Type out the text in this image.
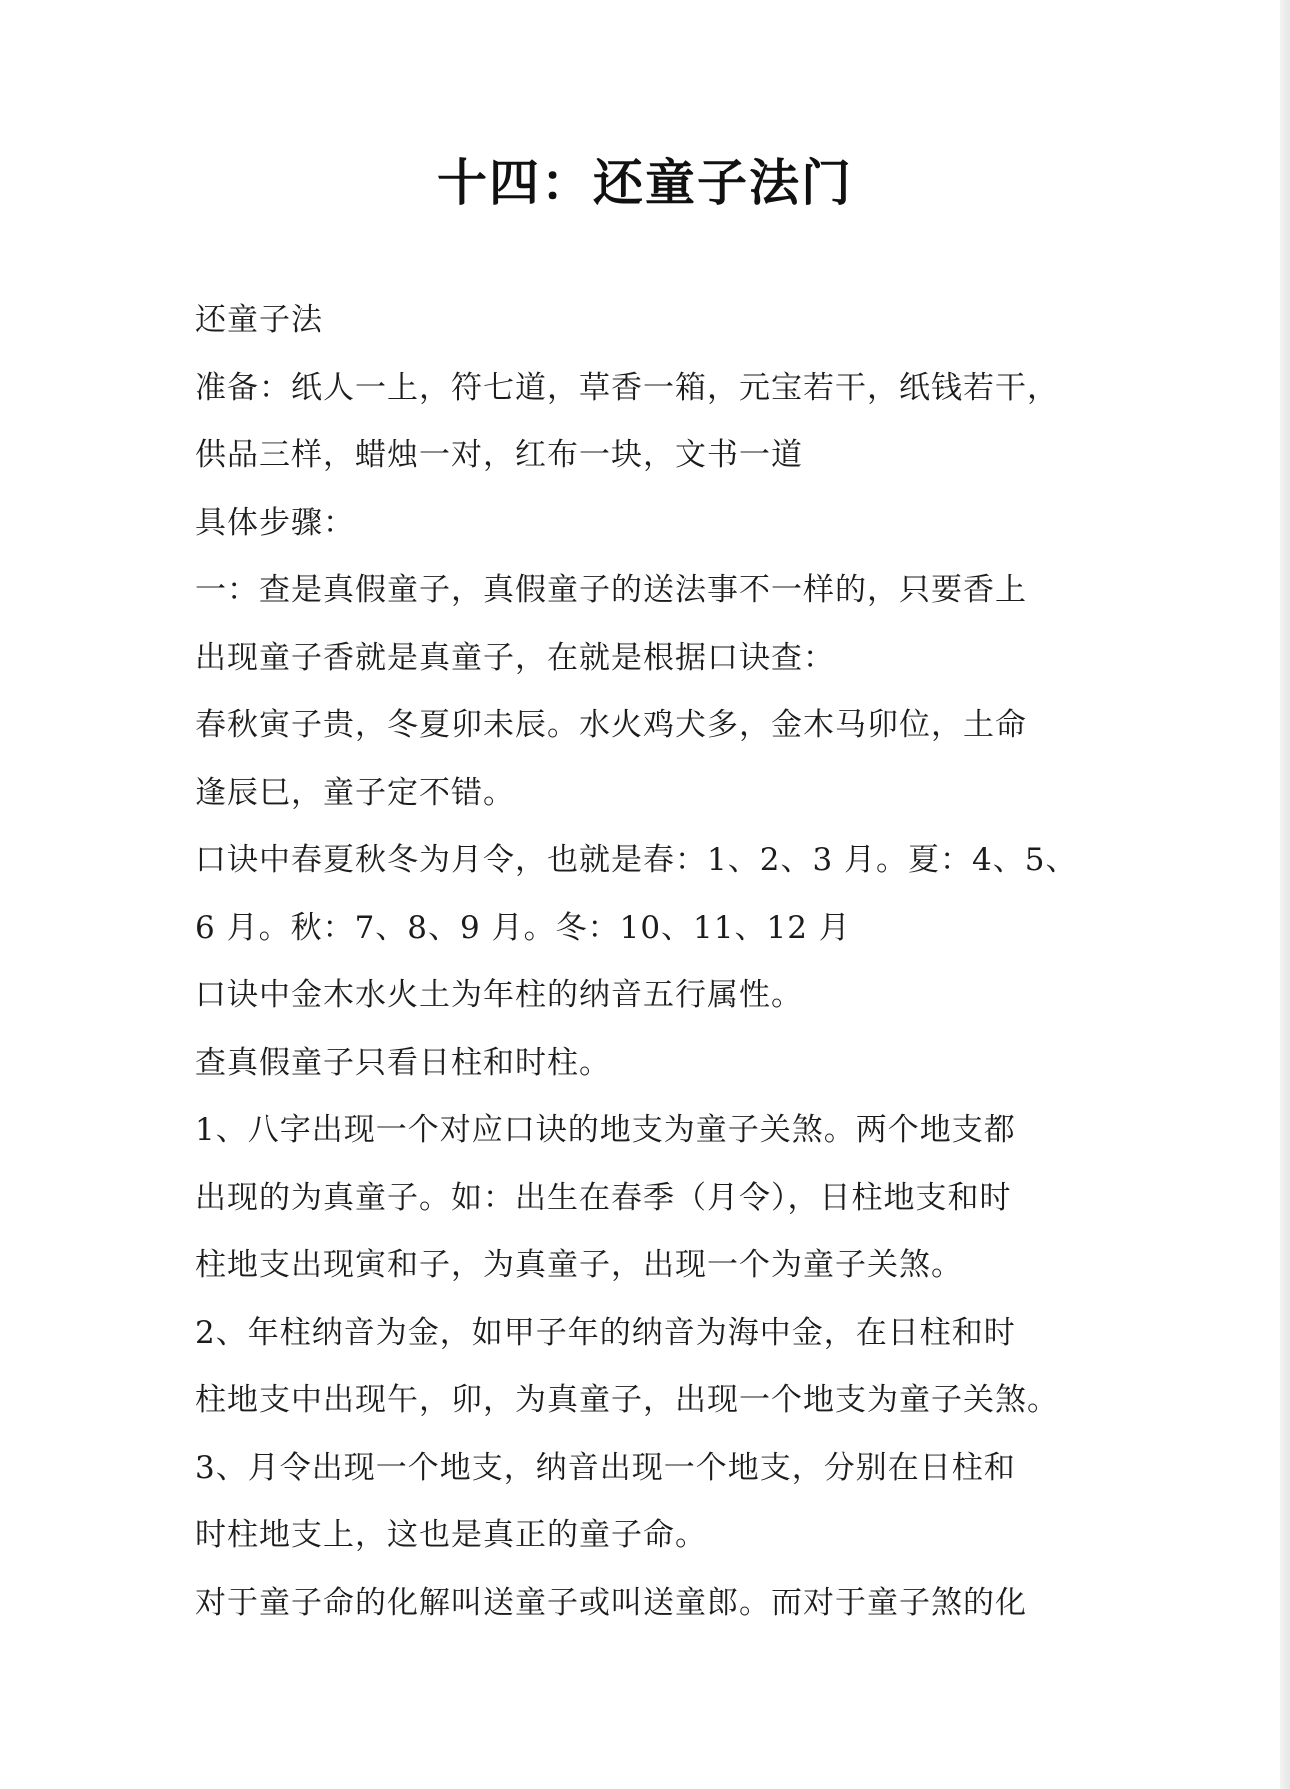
十四：还童子法门
还童子法
准备：纸人一上，符七道，草香一箱，元宝若干，纸钱若干，
供品三样，蜡烛一对，红布一块，文书一道
具体步骤：
一：查是真假童子，真假童子的送法事不一样的，只要香上
出现童子香就是真童子，在就是根据口诀查：
春秋寅子贵，冬夏卯未辰。水火鸡犬多，金木马卯位，土命
逢辰巳，童子定不错。
口诀中春夏秋冬为月令，也就是春：1、2、3 月。夏：4、5、
6 月。秋：7、8、9 月。冬：10、11、12 月
口诀中金木水火土为年柱的纳音五行属性。
查真假童子只看日柱和时柱。
1、八字出现一个对应口诀的地支为童子关煞。两个地支都
出现的为真童子。如：出生在春季（月令），日柱地支和时
柱地支出现寅和子，为真童子，出现一个为童子关煞。
2、年柱纳音为金，如甲子年的纳音为海中金，在日柱和时
柱地支中出现午，卯，为真童子，出现一个地支为童子关煞。
3、月令出现一个地支，纳音出现一个地支，分别在日柱和
时柱地支上，这也是真正的童子命。
对于童子命的化解叫送童子或叫送童郎。而对于童子煞的化
